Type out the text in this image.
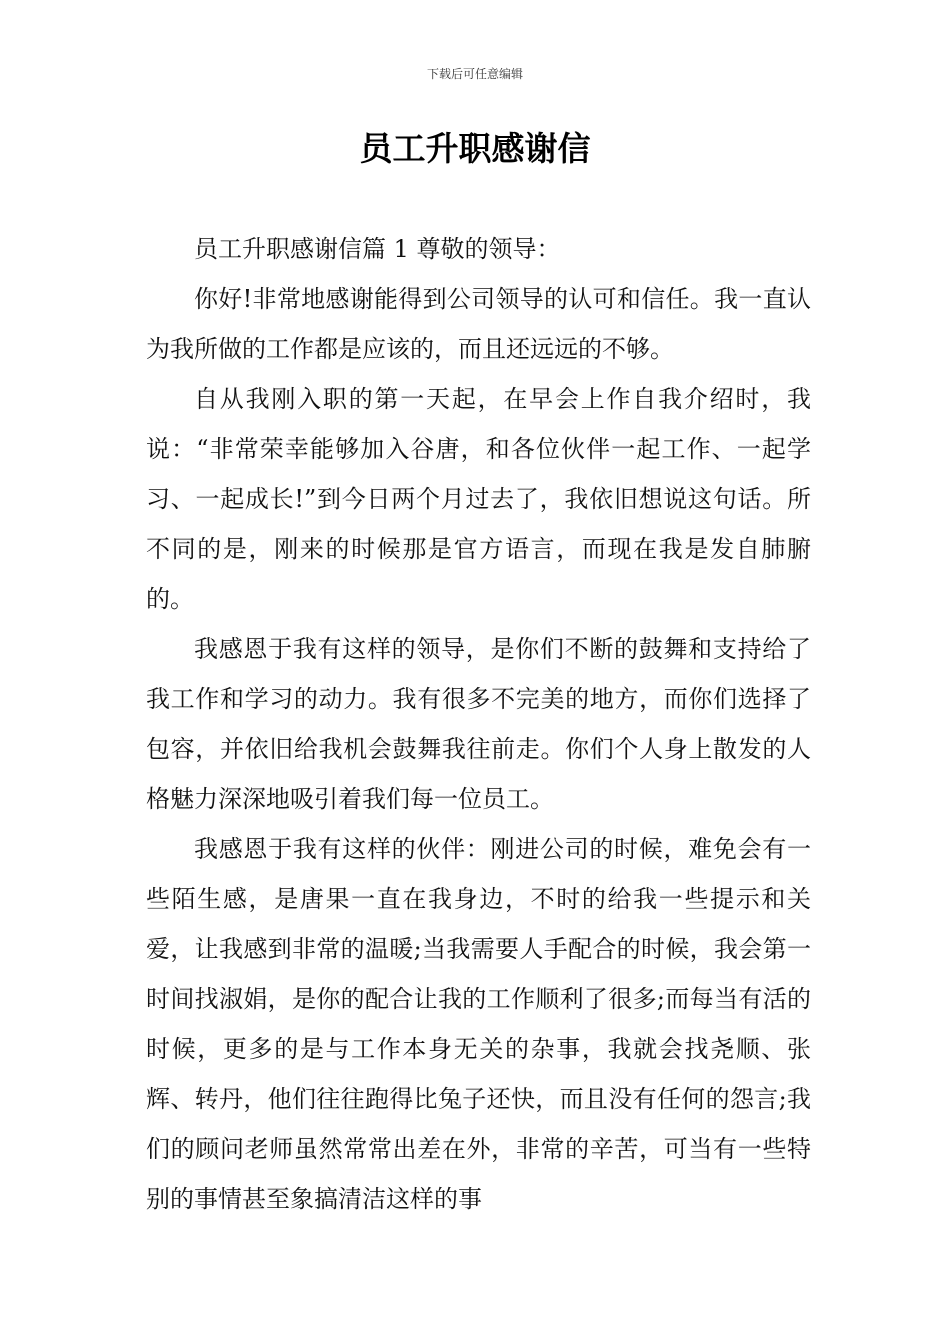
下载后可任意编辑
员工升职感谢信

员工升职感谢信篇 1 尊敬的领导：

你好!非常地感谢能得到公司领导的认可和信任。我一直认为我所做的工作都是应该的，而且还远远的不够。

自从我刚入职的第一天起，在早会上作自我介绍时，我说：“非常荣幸能够加入谷唐，和各位伙伴一起工作、一起学习、一起成长!”到今日两个月过去了，我依旧想说这句话。所不同的是，刚来的时候那是官方语言，而现在我是发自肺腑的。

我感恩于我有这样的领导，是你们不断的鼓舞和支持给了我工作和学习的动力。我有很多不完美的地方，而你们选择了包容，并依旧给我机会鼓舞我往前走。你们个人身上散发的人格魅力深深地吸引着我们每一位员工。

我感恩于我有这样的伙伴：刚进公司的时候，难免会有一些陌生感，是唐果一直在我身边，不时的给我一些提示和关爱，让我感到非常的温暖;当我需要人手配合的时候，我会第一时间找淑娟，是你的配合让我的工作顺利了很多;而每当有活的时候，更多的是与工作本身无关的杂事，我就会找尧顺、张辉、转丹，他们往往跑得比兔子还快，而且没有任何的怨言;我们的顾问老师虽然常常出差在外，非常的辛苦，可当有一些特别的事情甚至象搞清洁这样的事
